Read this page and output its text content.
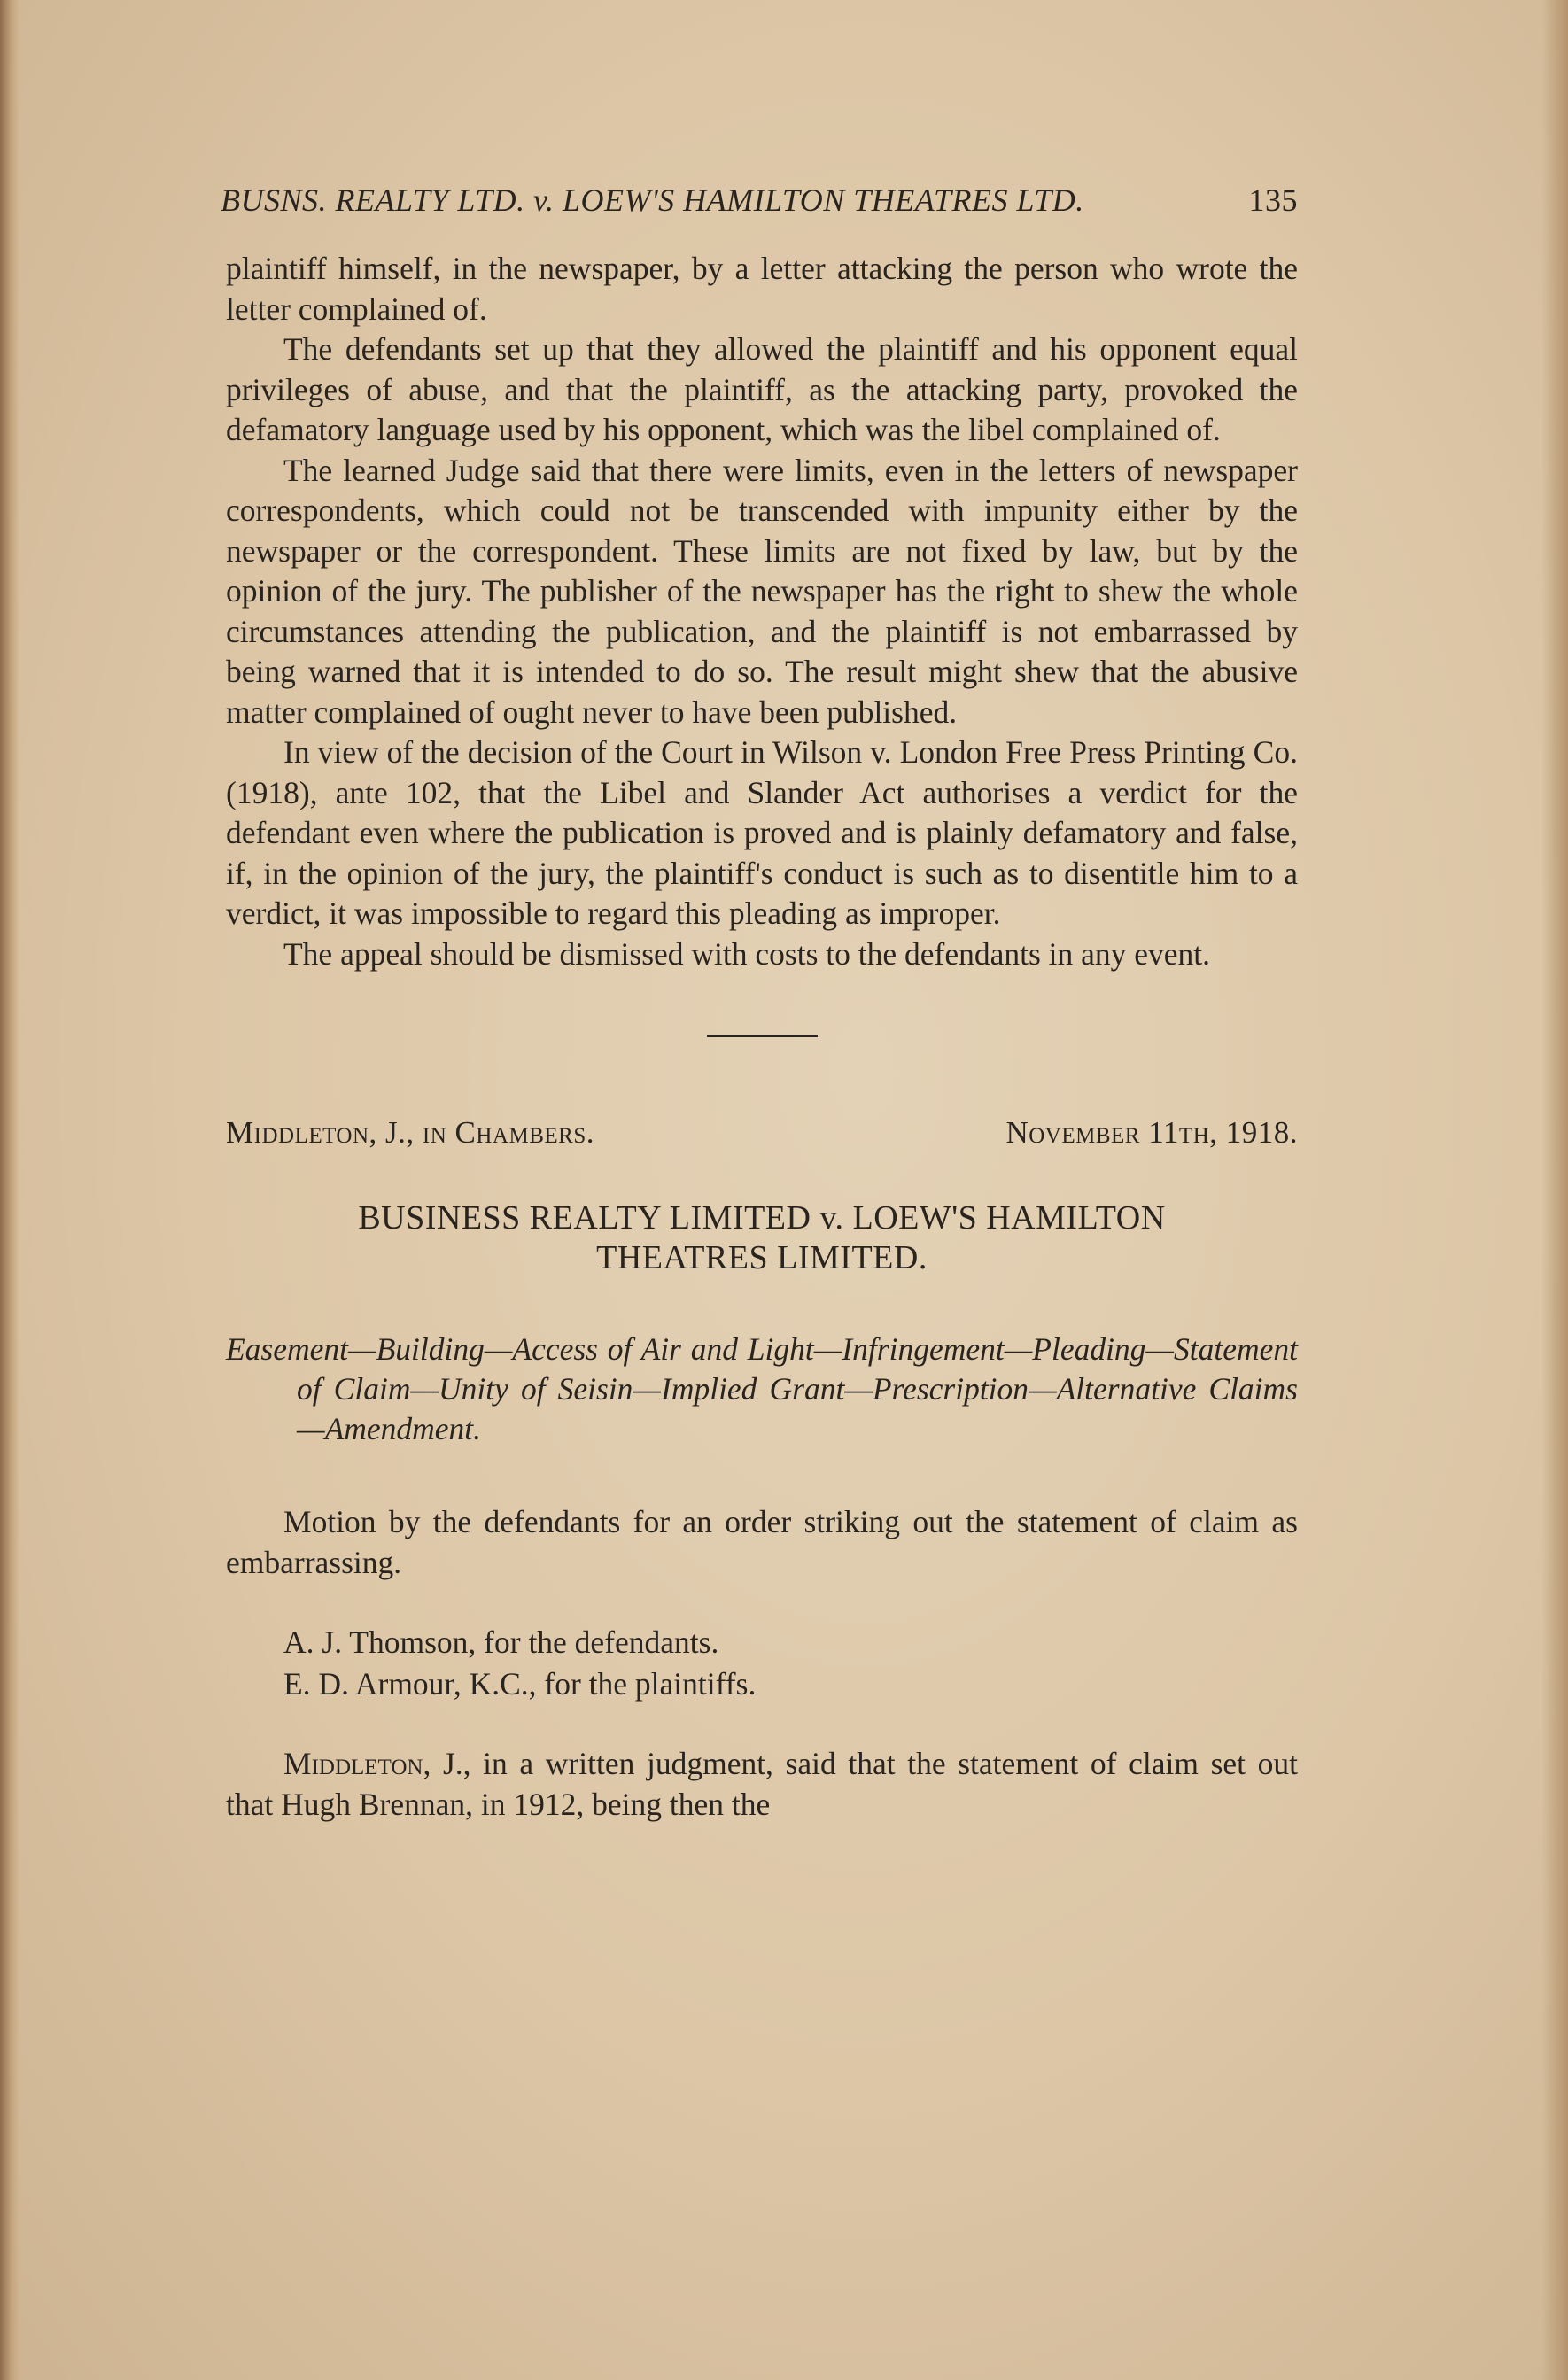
BUSNS. REALTY LTD. v. LOEW'S HAMILTON THEATRES LTD.	135

plaintiff himself, in the newspaper, by a letter attacking the person who wrote the letter complained of.

The defendants set up that they allowed the plaintiff and his opponent equal privileges of abuse, and that the plaintiff, as the attacking party, provoked the defamatory language used by his opponent, which was the libel complained of.

The learned Judge said that there were limits, even in the letters of newspaper correspondents, which could not be transcended with impunity either by the newspaper or the correspondent. These limits are not fixed by law, but by the opinion of the jury. The publisher of the newspaper has the right to shew the whole circumstances attending the publication, and the plaintiff is not embarrassed by being warned that it is intended to do so. The result might shew that the abusive matter complained of ought never to have been published.

In view of the decision of the Court in Wilson v. London Free Press Printing Co. (1918), ante 102, that the Libel and Slander Act authorises a verdict for the defendant even where the publication is proved and is plainly defamatory and false, if, in the opinion of the jury, the plaintiff's conduct is such as to disentitle him to a verdict, it was impossible to regard this pleading as improper.

The appeal should be dismissed with costs to the defendants in any event.

Middleton, J., in Chambers.	November 11th, 1918.
BUSINESS REALTY LIMITED v. LOEW'S HAMILTON
THEATRES LIMITED.
Easement—Building—Access of Air and Light—Infringement—Pleading—Statement of Claim—Unity of Seisin—Implied Grant—Prescription—Alternative Claims—Amendment.

Motion by the defendants for an order striking out the statement of claim as embarrassing.

A. J. Thomson, for the defendants.
E. D. Armour, K.C., for the plaintiffs.

Middleton, J., in a written judgment, said that the statement of claim set out that Hugh Brennan, in 1912, being then the
